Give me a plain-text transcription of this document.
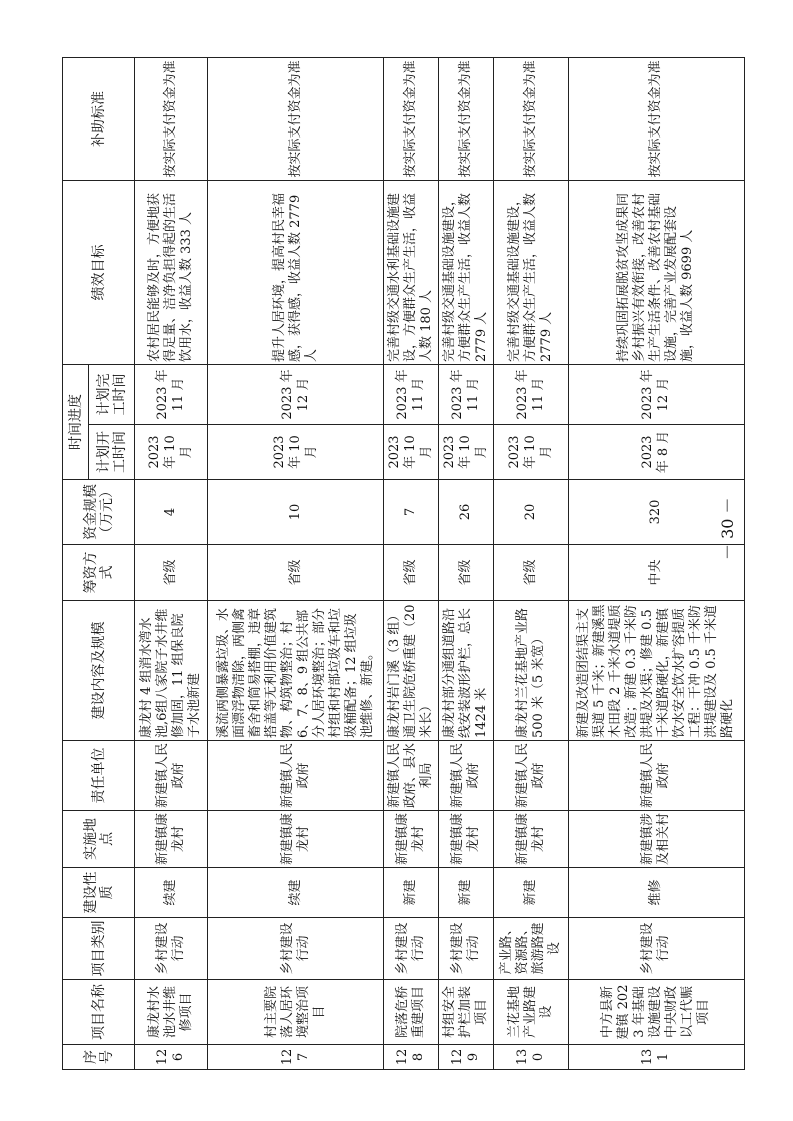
序号	项目名称	项目类别	建设性质	实施地点	责任单位	建设内容及规模	筹资方式	资金规模（万元）	时间进度		绩效目标	补助标准
									计划开工时间	计划完工时间		
126	康龙村水池水井维修项目	乡村建设行动	续建	新建镇康龙村	新建镇人民政府	康龙村 4 组消水湾水池,6组八家院子水井维修加固，11 组保良院子水池新建	省级	4	2023 年 10 月	2023 年 11 月	农村居民能够及时，方便地获得足量、洁净负担得起的生活饮用水，收益人数 333 人	按实际支付资金为准
127	村主要院落人居环境整治项目	乡村建设行动	续建	新建镇康龙村	新建镇人民政府	溪流两侧暴露垃圾、水面漂浮物清除，两侧禽畜舍和简易搭棚，违章搭盖等无利用价值建筑物、构筑物整治；村 6、7、8、9 组公共部分人居环境整治；部分村组和村部垃圾车和垃圾桶配备；12 组垃圾池维修、新建。	省级	10	2023 年 10 月	2023 年 12 月	提升人居环境，提高村民幸福感，获得感，收益人数 2779 人	按实际支付资金为准
128	院落危桥重建项目	乡村建设行动	新建	新建镇康龙村	新建镇人民政府、县水利局	康龙村岩门溪（3 组）通卫生院危桥重建（20 米长）	省级	7	2023 年 10 月	2023 年 11 月	完善村级交通水利基础设施建设，方便群众生产生活，收益人数 180 人	按实际支付资金为准
129	村组安全护栏加装项目	乡村建设行动	新建	新建镇康龙村	新建镇人民政府	康龙村部分通组道路沿线安装波形护栏，总长 1424 米	省级	26	2023 年 10 月	2023 年 11 月	完善村级交通基础设施建设，方便群众生产生活，收益人数 2779 人	按实际支付资金为准
130	兰花基地产业路建设	产业路、资源路、旅游路建设	新建	新建镇康龙村	新建镇人民政府	康龙村兰花基地产业路 500 米（5 米宽）	省级	20	2023 年 10 月	2023 年 11 月	完善村级交通基础设施建设，方便群众生产生活，收益人数 2779 人	按实际支付资金为准
131	中方县新建镇 2023 年基础设施建设中央财政以工代赈项目	乡村建设行动	维修	新建镇涉及相关村	新建镇人民政府	新建及改造团结渠主支渠道 5 千米；新建溪黑木田段 2 千米水道堤质改造；新建 0.3 千米防洪堤及水渠；修建 0.5 千米道路硬化，新建镇饮水安全饮水扩容提质工程：干冲 0.5 千米防洪堤建设及 0.5 千米道路硬化	中央	320	2023 年 8 月	2023 年 12 月	持续巩固拓展脱贫攻坚成果同乡村振兴有效衔接，改善农村生产生活条件、改善农村基础设施，完善产业发展配套设施，收益人数 9699 人	按实际支付资金为准
－ 30 －
